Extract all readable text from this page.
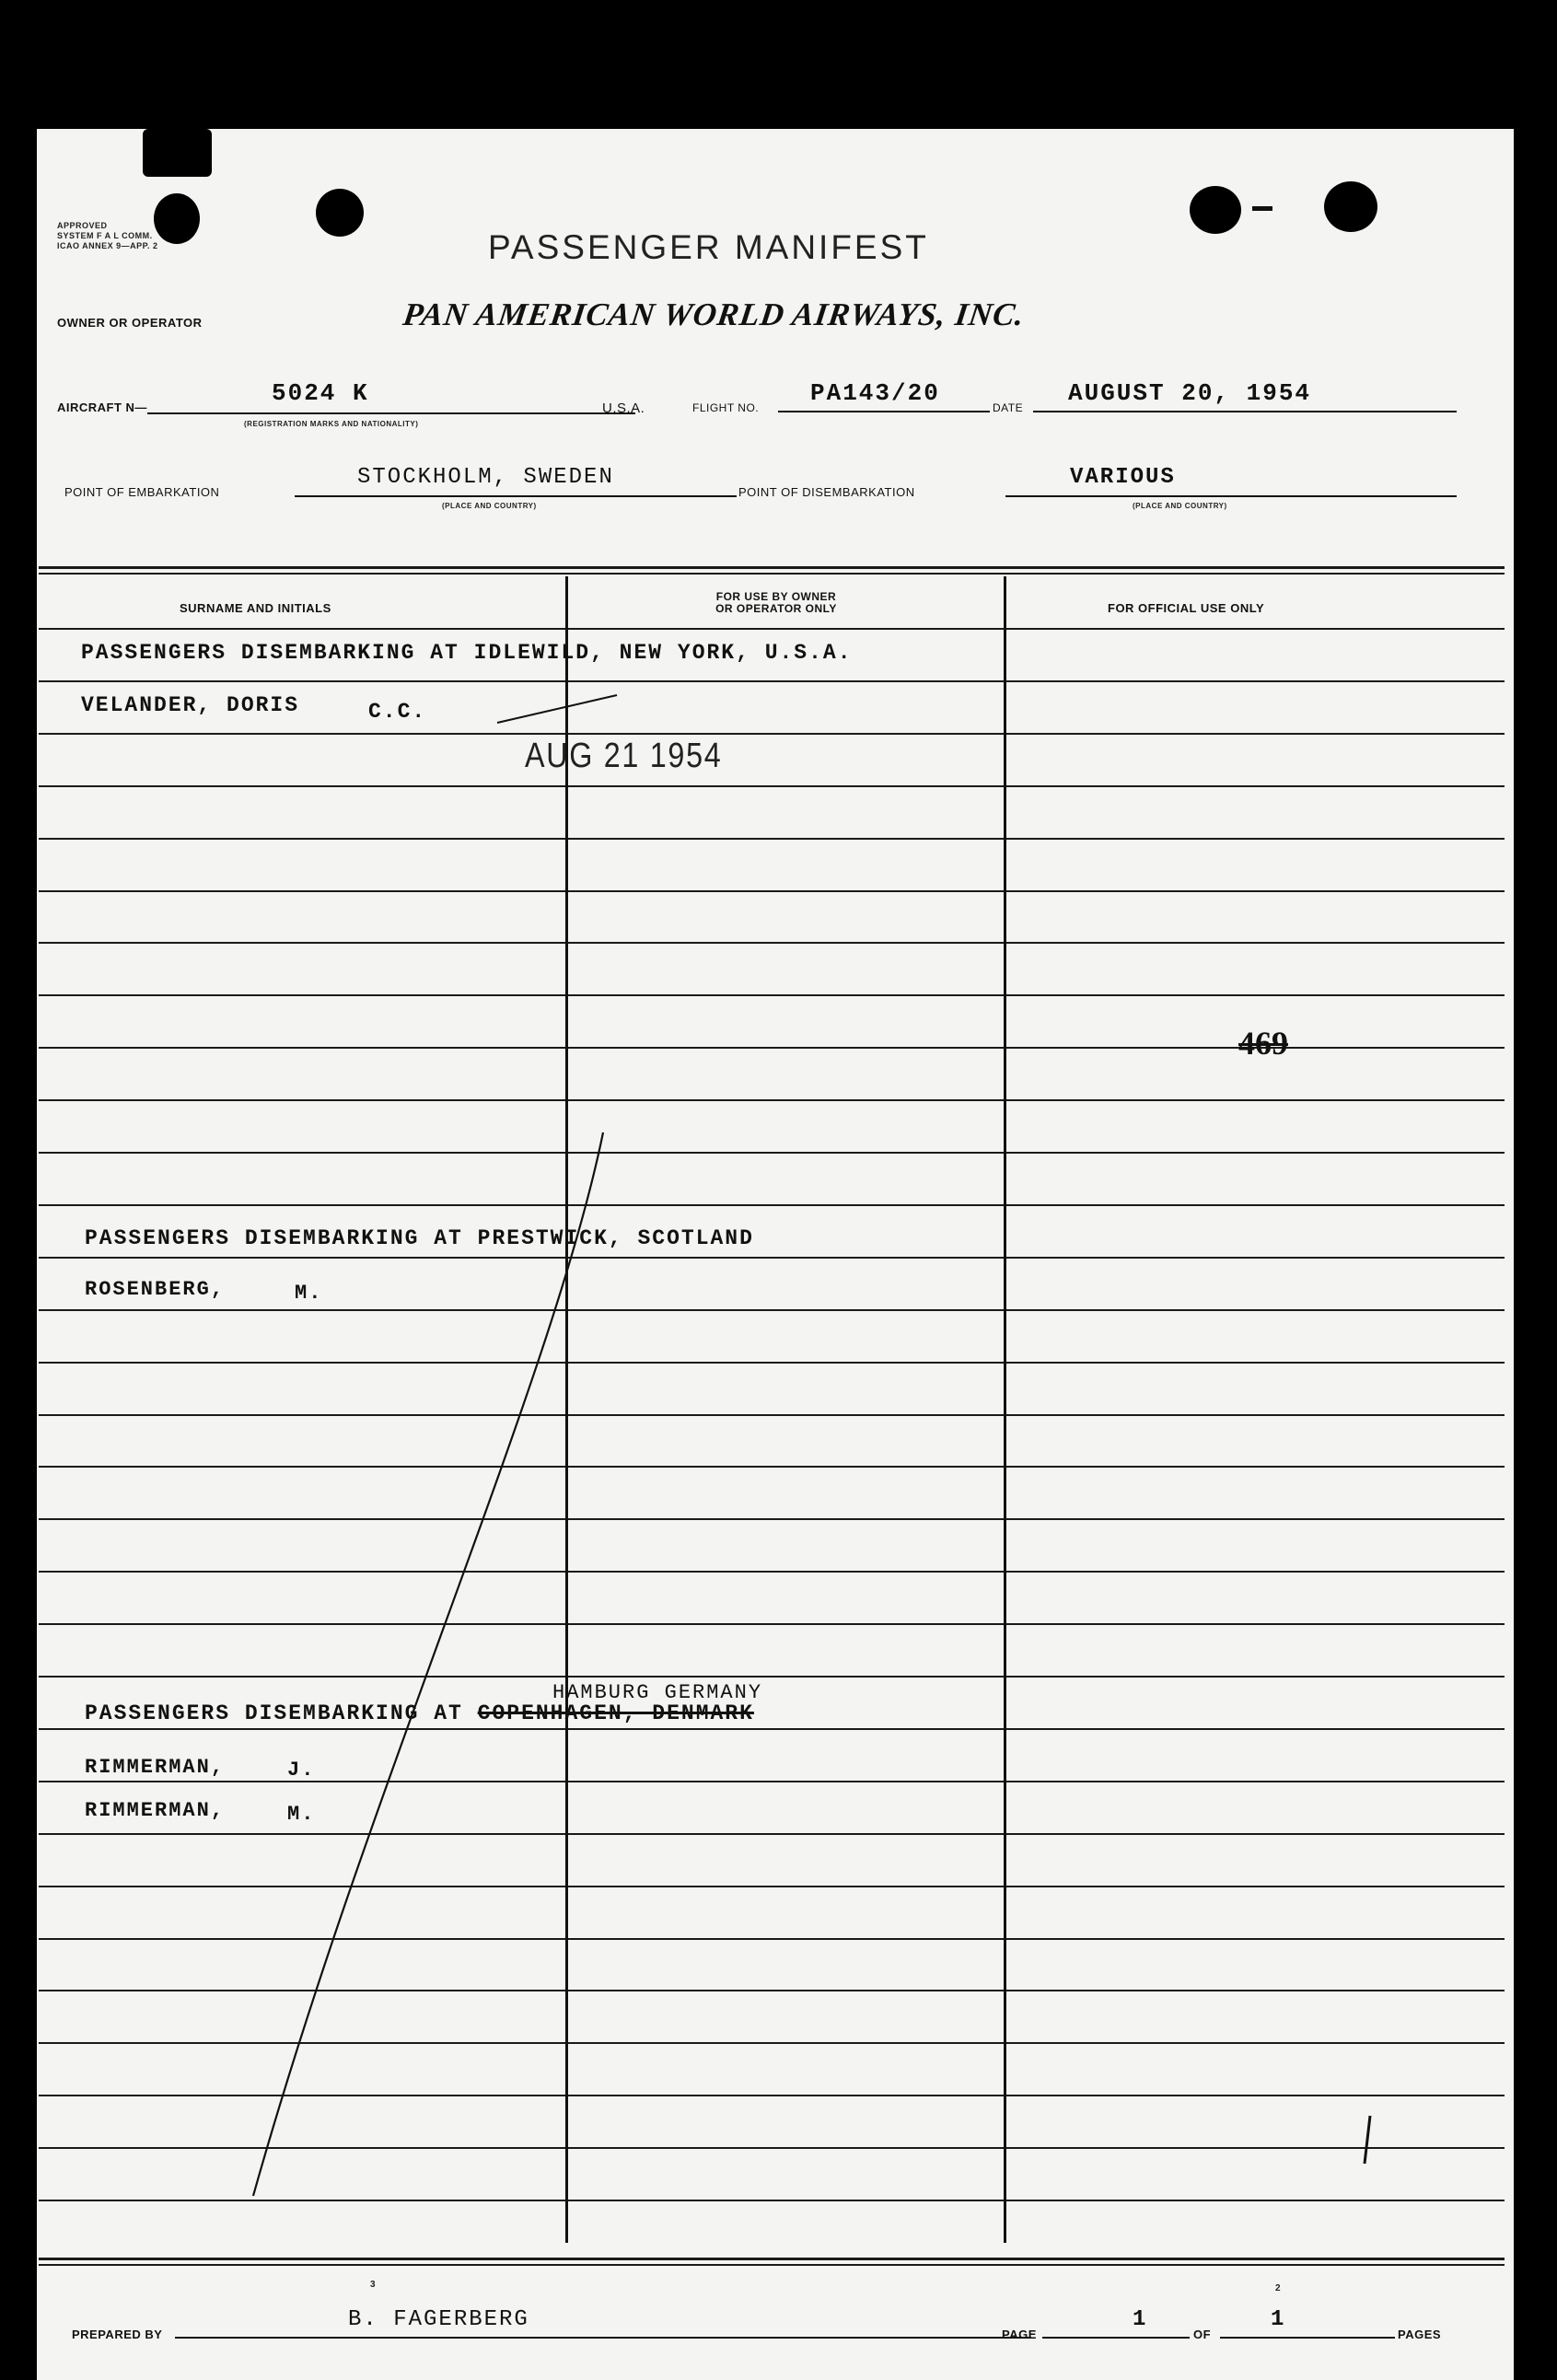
APPROVED
SYSTEM F A L COMM.
ICAO ANNEX 9—APP. 2	PASSENGER MANIFEST
OWNER OR OPERATOR	PAN AMERICAN WORLD AIRWAYS, INC.
AIRCRAFT N—
5024 K
(REGISTRATION MARKS AND NATIONALITY)
U.S.A.	FLIGHT NO.
PA143/20
DATE
AUGUST 20, 1954
POINT OF EMBARKATION
STOCKHOLM, SWEDEN
(PLACE AND COUNTRY)
POINT OF DISEMBARKATION
VARIOUS
(PLACE AND COUNTRY)
SURNAME AND INITIALS
FOR USE BY OWNER
OR OPERATOR ONLY	FOR OFFICIAL USE ONLY
PASSENGERS DISEMBARKING AT IDLEWILD, NEW YORK, U.S.A.
VELANDER, DORIS	C.C.
AUG 21 1954
469
PASSENGERS DISEMBARKING AT PRESTWICK, SCOTLAND
ROSENBERG,	M.
HAMBURG GERMANY
PASSENGERS DISEMBARKING AT COPENHAGEN, DENMARK
RIMMERMAN,	J.
RIMMERMAN,	M.
3	2
PREPARED BY
B. FAGERBERG
PAGE
1
OF
1
PAGES
